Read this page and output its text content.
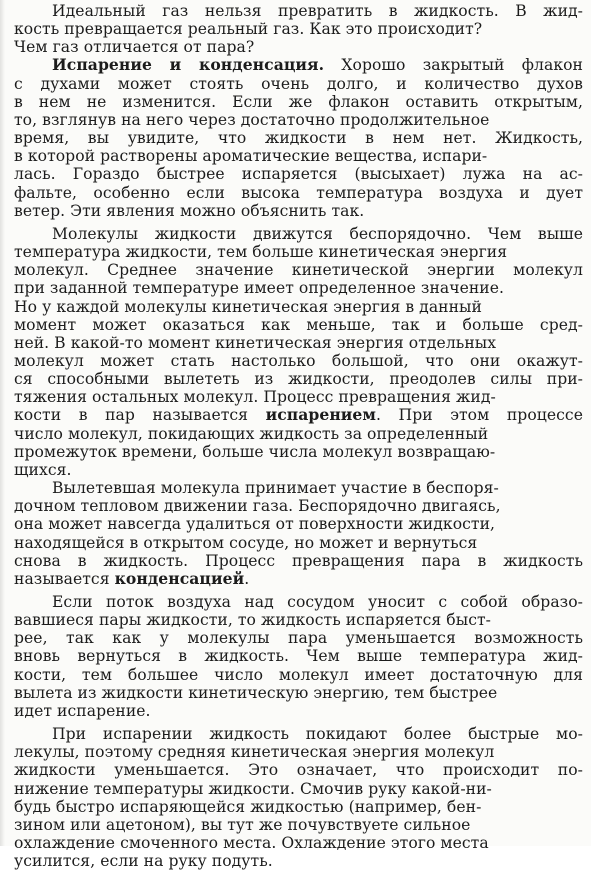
Идеальный газ нельзя превратить в жидкость. В жид-
кость превращается реальный газ. Как это происходит?
Чем газ отличается от пара?
Испарение и конденсация. Хорошо закрытый флакон
с духами может стоять очень долго, и количество духов
в нем не изменится. Если же флакон оставить открытым,
то, взглянув на него через достаточно продолжительное
время, вы увидите, что жидкости в нем нет. Жидкость,
в которой растворены ароматические вещества, испари-
лась. Гораздо быстрее испаряется (высыхает) лужа на ас-
фальте, особенно если высока температура воздуха и дует
ветер. Эти явления можно объяснить так.
Молекулы жидкости движутся беспорядочно. Чем выше
температура жидкости, тем больше кинетическая энергия
молекул. Среднее значение кинетической энергии молекул
при заданной температуре имеет определенное значение.
Но у каждой молекулы кинетическая энергия в данный
момент может оказаться как меньше, так и больше сред-
ней. В какой-то момент кинетическая энергия отдельных
молекул может стать настолько большой, что они окажут-
ся способными вылететь из жидкости, преодолев силы при-
тяжения остальных молекул. Процесс превращения жид-
кости в пар называется испарением. При этом процессе
число молекул, покидающих жидкость за определенный
промежуток времени, больше числа молекул возвращаю-
щихся.
Вылетевшая молекула принимает участие в беспоря-
дочном тепловом движении газа. Беспорядочно двигаясь,
она может навсегда удалиться от поверхности жидкости,
находящейся в открытом сосуде, но может и вернуться
снова в жидкость. Процесс превращения пара в жидкость
называется конденсацией.
Если поток воздуха над сосудом уносит с собой образо-
вавшиеся пары жидкости, то жидкость испаряется быст-
рее, так как у молекулы пара уменьшается возможность
вновь вернуться в жидкость. Чем выше температура жид-
кости, тем большее число молекул имеет достаточную для
вылета из жидкости кинетическую энергию, тем быстрее
идет испарение.
При испарении жидкость покидают более быстрые мо-
лекулы, поэтому средняя кинетическая энергия молекул
жидкости уменьшается. Это означает, что происходит по-
нижение температуры жидкости. Смочив руку какой-ни-
будь быстро испаряющейся жидкостью (например, бен-
зином или ацетоном), вы тут же почувствуете сильное
охлаждение смоченного места. Охлаждение этого места
усилится, если на руку подуть.
